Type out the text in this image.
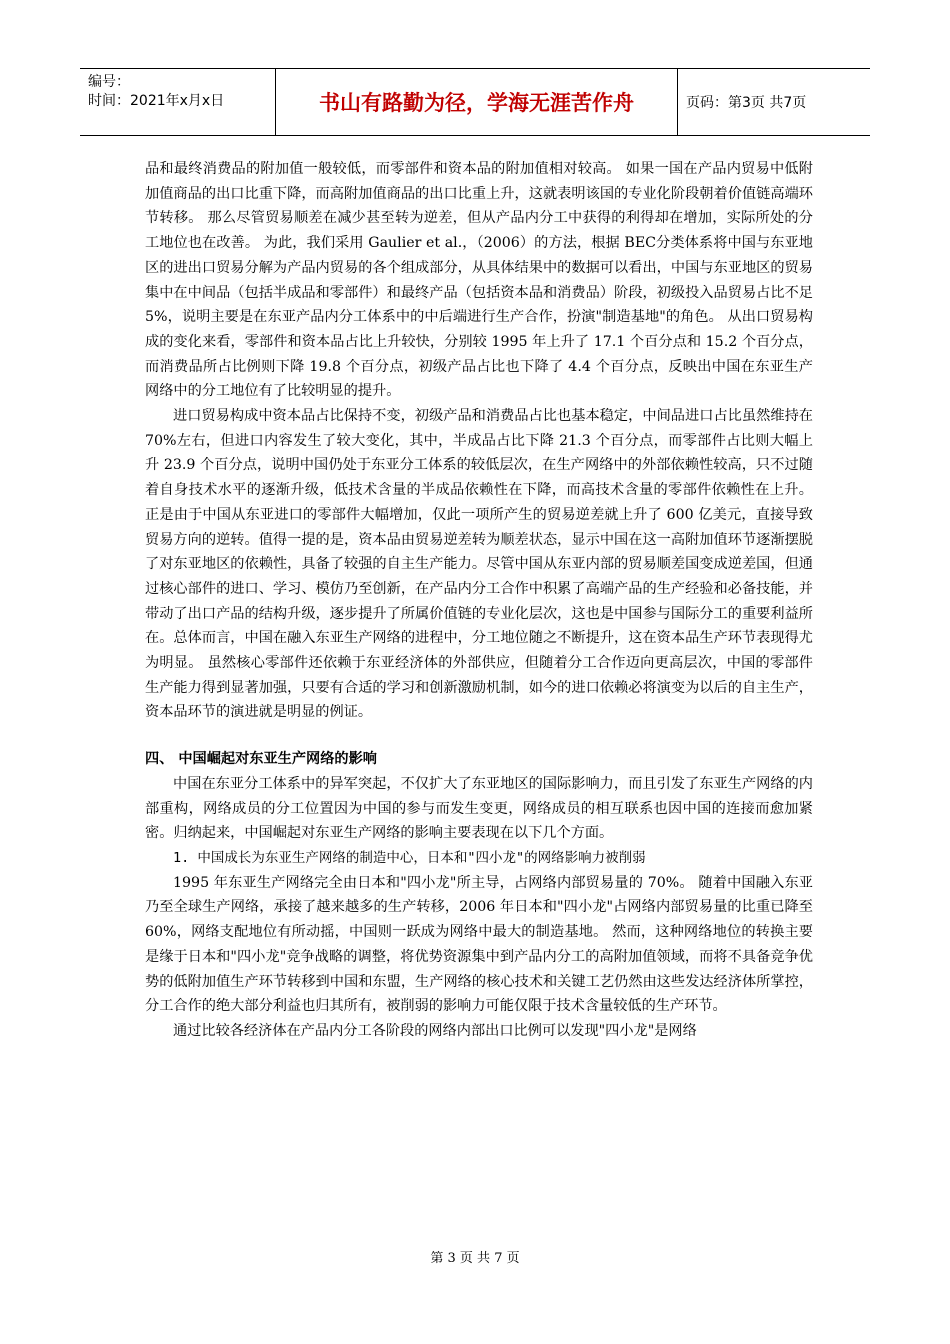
编号：
时间：2021年x月x日	书山有路勤为径，学海无涯苦作舟	页码：第3页 共7页

品和最终消费品的附加值一般较低，而零部件和资本品的附加值相对较高。 如果一国在产品内贸易中低附加值商品的出口比重下降，而高附加值商品的出口比重上升，这就表明该国的专业化阶段朝着价值链高端环节转移。 那么尽管贸易顺差在减少甚至转为逆差，但从产品内分工中获得的利得却在增加，实际所处的分工地位也在改善。 为此，我们采用 Gaulier et al.，（2006）的方法，根据 BEC分类体系将中国与东亚地区的进出口贸易分解为产品内贸易的各个组成部分，从具体结果中的数据可以看出，中国与东亚地区的贸易集中在中间品（包括半成品和零部件）和最终产品（包括资本品和消费品）阶段，初级投入品贸易占比不足 5%，说明主要是在东亚产品内分工体系中的中后端进行生产合作，扮演"制造基地"的角色。 从出口贸易构成的变化来看，零部件和资本品占比上升较快，分别较 1995 年上升了 17.1 个百分点和 15.2 个百分点，而消费品所占比例则下降 19.8 个百分点，初级产品占比也下降了 4.4 个百分点，反映出中国在东亚生产网络中的分工地位有了比较明显的提升。

进口贸易构成中资本品占比保持不变，初级产品和消费品占比也基本稳定，中间品进口占比虽然维持在 70%左右，但进口内容发生了较大变化，其中，半成品占比下降 21.3 个百分点，而零部件占比则大幅上升 23.9 个百分点，说明中国仍处于东亚分工体系的较低层次，在生产网络中的外部依赖性较高，只不过随着自身技术水平的逐渐升级，低技术含量的半成品依赖性在下降，而高技术含量的零部件依赖性在上升。 正是由于中国从东亚进口的零部件大幅增加，仅此一项所产生的贸易逆差就上升了 600 亿美元，直接导致贸易方向的逆转。值得一提的是，资本品由贸易逆差转为顺差状态，显示中国在这一高附加值环节逐渐摆脱了对东亚地区的依赖性，具备了较强的自主生产能力。尽管中国从东亚内部的贸易顺差国变成逆差国，但通过核心部件的进口、学习、模仿乃至创新，在产品内分工合作中积累了高端产品的生产经验和必备技能，并带动了出口产品的结构升级，逐步提升了所属价值链的专业化层次，这也是中国参与国际分工的重要利益所在。总体而言，中国在融入东亚生产网络的进程中，分工地位随之不断提升，这在资本品生产环节表现得尤为明显。 虽然核心零部件还依赖于东亚经济体的外部供应，但随着分工合作迈向更高层次，中国的零部件生产能力得到显著加强，只要有合适的学习和创新激励机制，如今的进口依赖必将演变为以后的自主生产，资本品环节的演进就是明显的例证。

四、 中国崛起对东亚生产网络的影响

中国在东亚分工体系中的异军突起，不仅扩大了东亚地区的国际影响力，而且引发了东亚生产网络的内部重构，网络成员的分工位置因为中国的参与而发生变更，网络成员的相互联系也因中国的连接而愈加紧密。归纳起来，中国崛起对东亚生产网络的影响主要表现在以下几个方面。

1. 中国成长为东亚生产网络的制造中心，日本和"四小龙"的网络影响力被削弱

1995 年东亚生产网络完全由日本和"四小龙"所主导，占网络内部贸易量的 70%。 随着中国融入东亚乃至全球生产网络，承接了越来越多的生产转移，2006 年日本和"四小龙"占网络内部贸易量的比重已降至 60%，网络支配地位有所动摇，中国则一跃成为网络中最大的制造基地。 然而，这种网络地位的转换主要是缘于日本和"四小龙"竞争战略的调整，将优势资源集中到产品内分工的高附加值领域，而将不具备竞争优势的低附加值生产环节转移到中国和东盟，生产网络的核心技术和关键工艺仍然由这些发达经济体所掌控，分工合作的绝大部分利益也归其所有，被削弱的影响力可能仅限于技术含量较低的生产环节。

通过比较各经济体在产品内分工各阶段的网络内部出口比例可以发现"四小龙"是网络

第 3 页 共 7 页
